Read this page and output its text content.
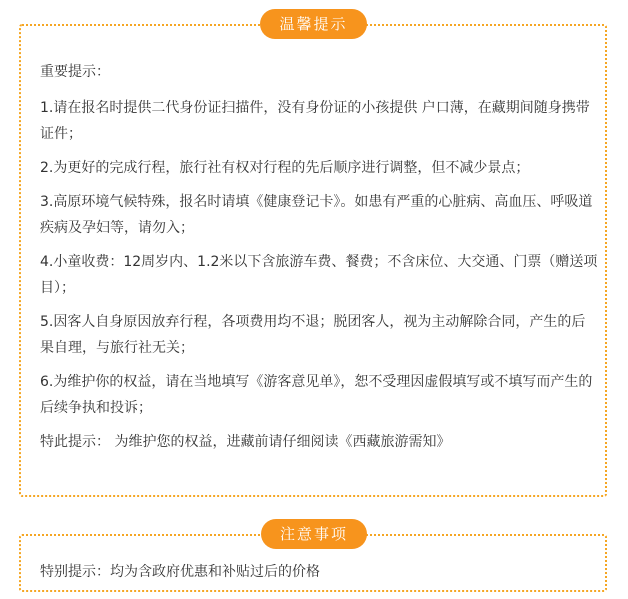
温馨提示

重要提示：

1.请在报名时提供二代身份证扫描件，没有身份证的小孩提供 户口薄，在藏期间随身携带证件；

2.为更好的完成行程，旅行社有权对行程的先后顺序进行调整，但不减少景点；

3.高原环境气候特殊，报名时请填《健康登记卡》。如患有严重的心脏病、高血压、呼吸道疾病及孕妇等，请勿入；

4.小童收费：12周岁内、1.2米以下含旅游车费、餐费；不含床位、大交通、门票（赠送项目）；

5.因客人自身原因放弃行程，各项费用均不退；脱团客人，视为主动解除合同，产生的后果自理，与旅行社无关；

6.为维护你的权益，请在当地填写《游客意见单》，恕不受理因虚假填写或不填写而产生的后续争执和投诉；

特此提示： 为维护您的权益，进藏前请仔细阅读《西藏旅游需知》

注意事项

特别提示：均为含政府优惠和补贴过后的价格
